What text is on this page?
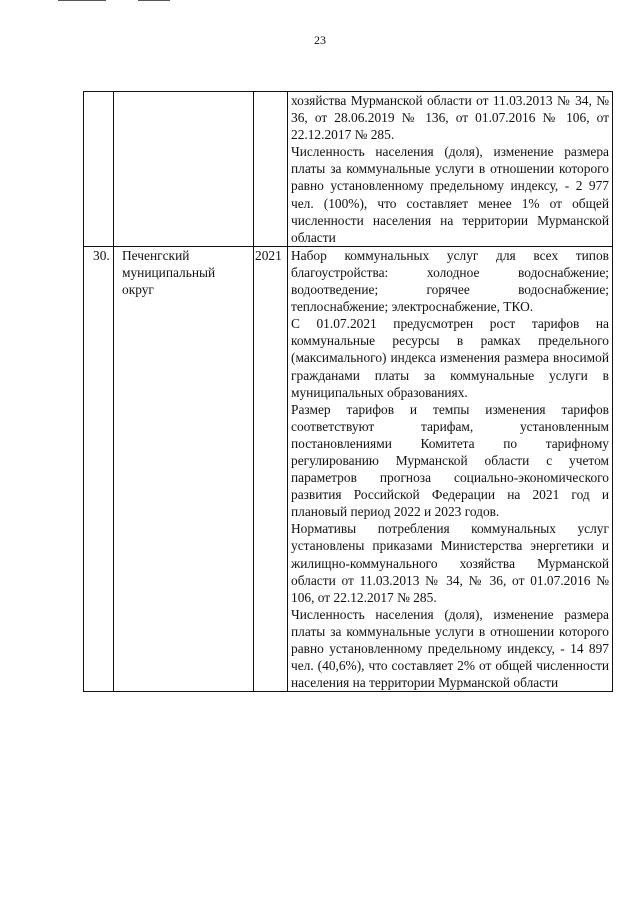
23

			хозяйства Мурманской области от 11.03.2013 № 34, № 36, от 28.06.2019 № 136, от 01.07.2016 № 106, от 22.12.2017 № 285.

Численность населения (доля), изменение размера платы за коммунальные услуги в отношении которого равно установленному предельному индексу, - 2 977 чел. (100%), что составляет менее 1% от общей численности населения на территории Мурманской области

30.	Печенгский муниципальный округ	2021	Набор коммунальных услуг для всех типов благоустройства: холодное водоснабжение; водоотведение; горячее водоснабжение; теплоснабжение; электроснабжение, ТКО.

С 01.07.2021 предусмотрен рост тарифов на коммунальные ресурсы в рамках предельного (максимального) индекса изменения размера вносимой гражданами платы за коммунальные услуги в муниципальных образованиях.

Размер тарифов и темпы изменения тарифов соответствуют тарифам, установленным постановлениями Комитета по тарифному регулированию Мурманской области с учетом параметров прогноза социально-экономического развития Российской Федерации на 2021 год и плановый период 2022 и 2023 годов.

Нормативы потребления коммунальных услуг установлены приказами Министерства энергетики и жилищно-коммунального хозяйства Мурманской области от 11.03.2013 № 34, № 36, от 01.07.2016 № 106, от 22.12.2017 № 285.

Численность населения (доля), изменение размера платы за коммунальные услуги в отношении которого равно установленному предельному индексу, - 14 897 чел. (40,6%), что составляет 2% от общей численности населения на территории Мурманской области
